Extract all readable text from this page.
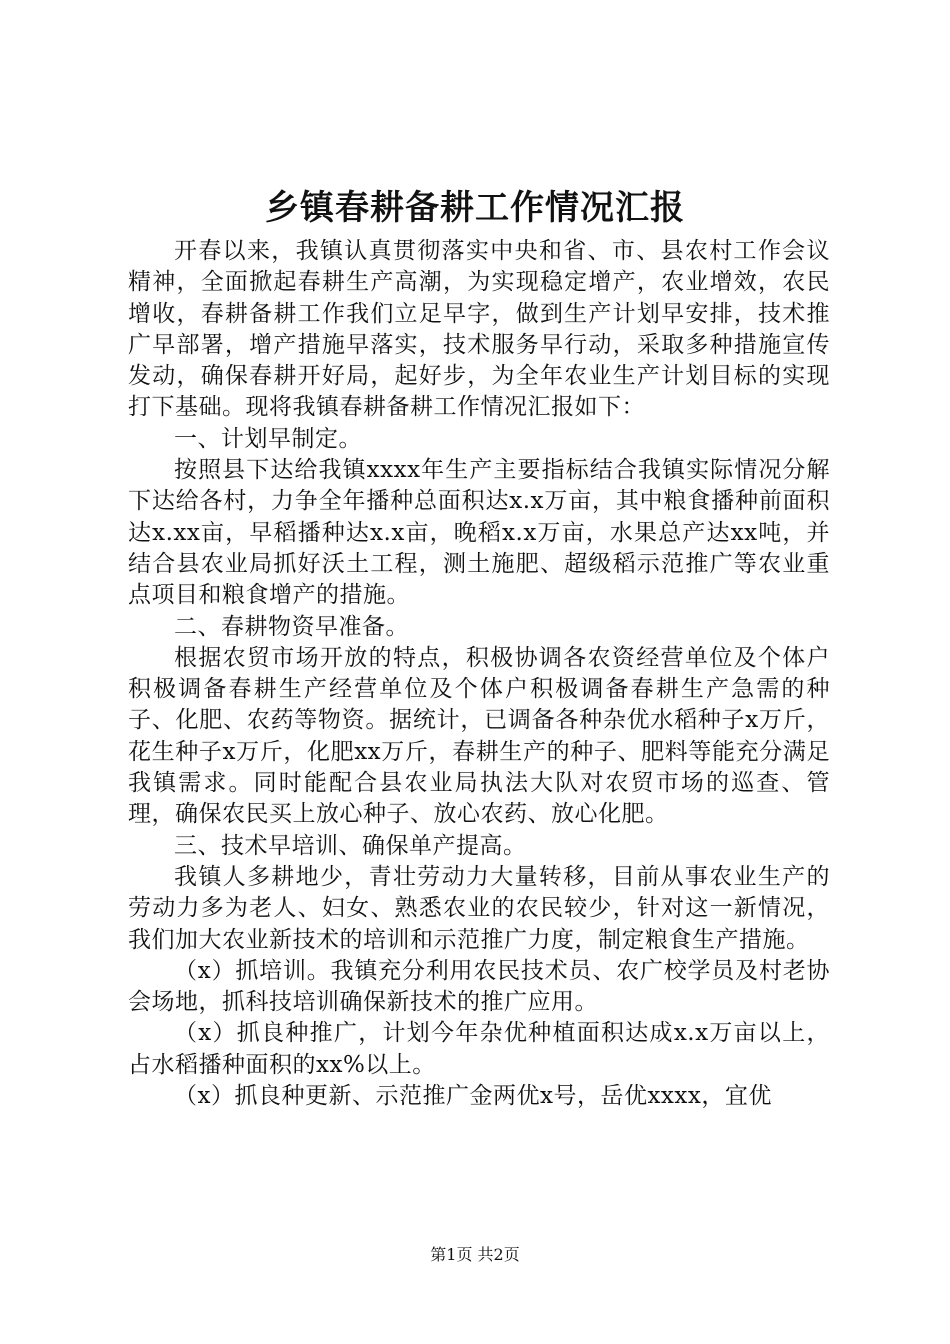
乡镇春耕备耕工作情况汇报

开春以来，我镇认真贯彻落实中央和省、市、县农村工作会议精神，全面掀起春耕生产高潮，为实现稳定增产，农业增效，农民增收，春耕备耕工作我们立足早字，做到生产计划早安排，技术推广早部署，增产措施早落实，技术服务早行动，采取多种措施宣传发动，确保春耕开好局，起好步，为全年农业生产计划目标的实现打下基础。现将我镇春耕备耕工作情况汇报如下：

一、计划早制定。

按照县下达给我镇xxxx年生产主要指标结合我镇实际情况分解下达给各村，力争全年播种总面积达x.x万亩，其中粮食播种前面积达x.xx亩，早稻播种达x.x亩，晚稻x.x万亩，水果总产达xx吨，并结合县农业局抓好沃土工程，测土施肥、超级稻示范推广等农业重点项目和粮食增产的措施。

二、春耕物资早准备。

根据农贸市场开放的特点，积极协调各农资经营单位及个体户积极调备春耕生产经营单位及个体户积极调备春耕生产急需的种子、化肥、农药等物资。据统计，已调备各种杂优水稻种子x万斤，花生种子x万斤，化肥xx万斤，春耕生产的种子、肥料等能充分满足我镇需求。同时能配合县农业局执法大队对农贸市场的巡查、管理，确保农民买上放心种子、放心农药、放心化肥。

三、技术早培训、确保单产提高。

我镇人多耕地少，青壮劳动力大量转移，目前从事农业生产的劳动力多为老人、妇女、熟悉农业的农民较少，针对这一新情况，我们加大农业新技术的培训和示范推广力度，制定粮食生产措施。

（x）抓培训。我镇充分利用农民技术员、农广校学员及村老协会场地，抓科技培训确保新技术的推广应用。

（x）抓良种推广，计划今年杂优种植面积达成x.x万亩以上，占水稻播种面积的xx%以上。

（x）抓良种更新、示范推广金两优x号，岳优xxxx，宜优

第1页 共2页
